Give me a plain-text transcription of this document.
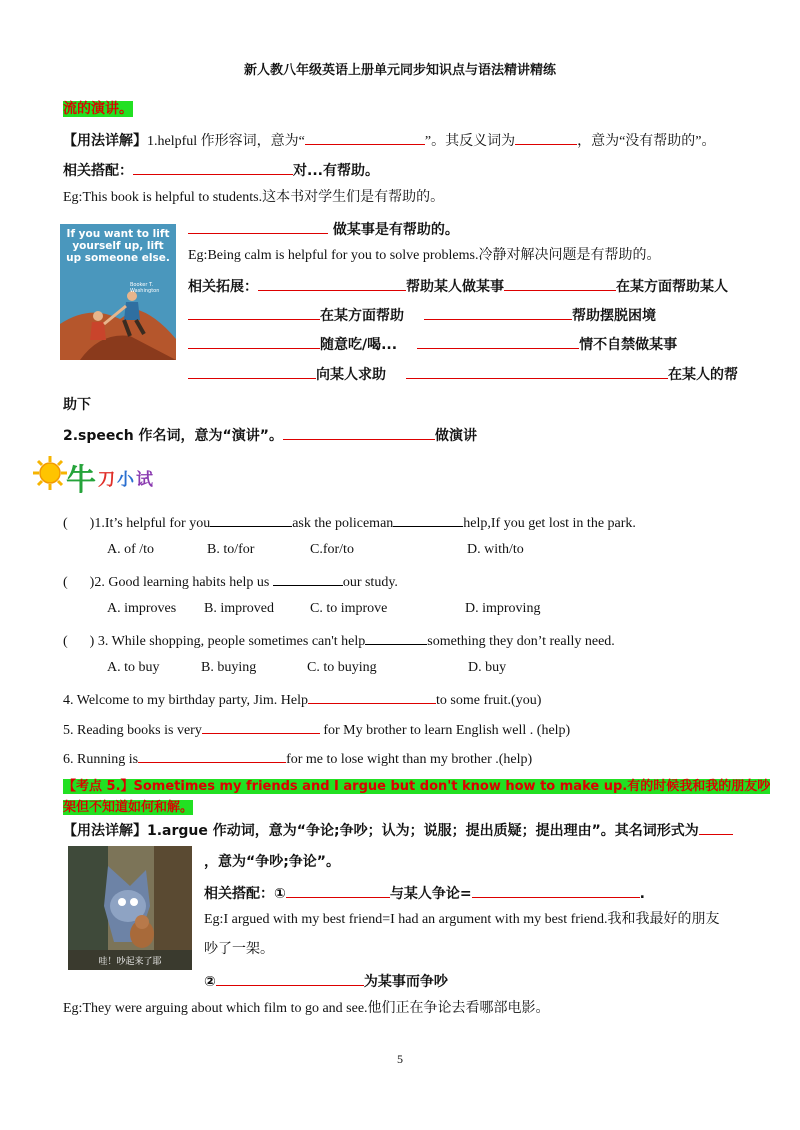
新人教八年级英语上册单元同步知识点与语法精讲精练
流的演讲。
【用法详解】1.helpful 作形容词，意为“	”。其反义词为	，意为“没有帮助的”。
相关搭配：	对...有帮助。
Eg:This book is helpful to students.这本书对学生们是有帮助的。
If you want to lift yourself up, lift up someone else.
Booker T. Washington
做某事是有帮助的。
Eg:Being calm is helpful for you to solve problems.冷静对解决问题是有帮助的。
相关拓展：	帮助某人做某事	在某方面帮助某人
在某方面帮助	帮助摆脱困境
随意吃/喝...	情不自禁做某事
向某人求助	在某人的帮
助下
2.speech 作名词，意为“演讲”。	做演讲
牛 刀 小 试
( )1.It’s helpful for you	ask the policeman	help,If you get lost in the park.
A. of /to	B. to/for	C.for/to	D. with/to
( )2. Good learning habits help us	our study.
A. improves B. improved	C. to improve	D. improving
( ) 3. While shopping, people sometimes can't help	something they don’t really need.
A. to buy	B. buying	C. to buying	D. buy
4. Welcome to my birthday party, Jim. Help	to some fruit.(you)
5. Reading books is very	for My brother to learn English well . (help)
6. Running is	for me to lose wight than my brother .(help)
【考点 5.】Sometimes my friends and I argue but don't know how to make up.有的时候我和我的朋友吵
架但不知道如何和解。
【用法详解】1.argue 作动词，意为“争论;争吵；认为；说服；提出质疑；提出理由”。其名词形式为
哇！吵起来了耶
，意为“争吵;争论”。
相关搭配：①	与某人争论=	.
Eg:I argued with my best friend=I had an argument with my best friend.我和我最好的朋友
吵了一架。
②	为某事而争吵
Eg:They were arguing about which film to go and see.他们正在争论去看哪部电影。
5
